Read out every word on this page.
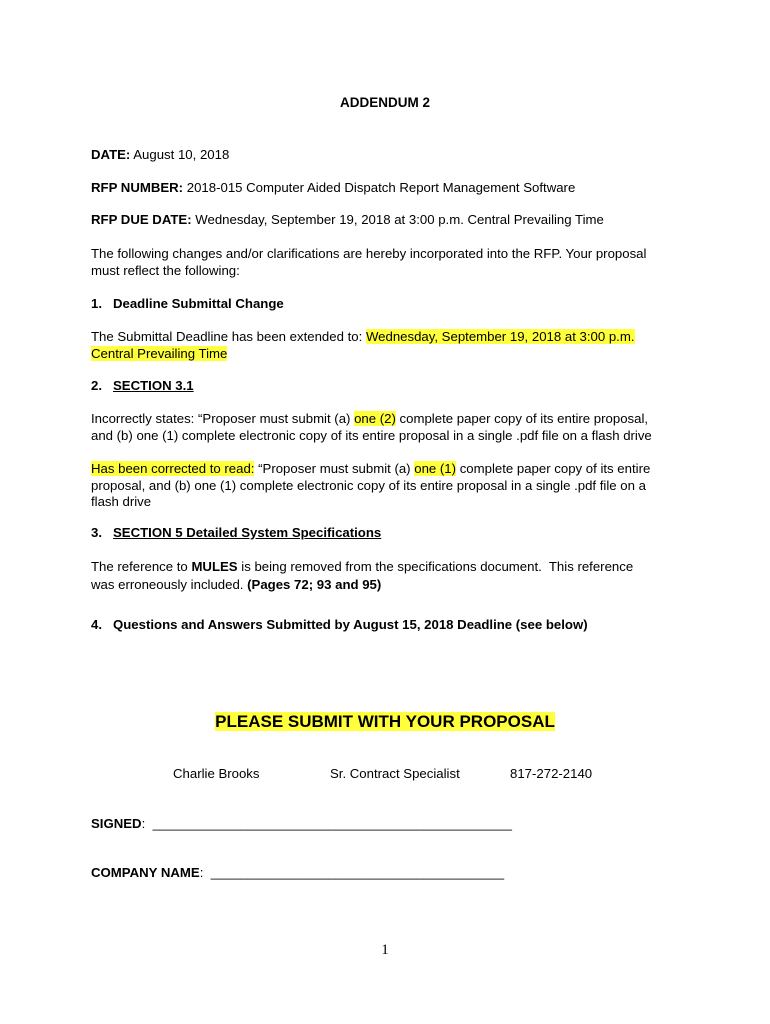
ADDENDUM 2
DATE: August 10, 2018
RFP NUMBER: 2018-015 Computer Aided Dispatch Report Management Software
RFP DUE DATE: Wednesday, September 19, 2018 at 3:00 p.m. Central Prevailing Time
The following changes and/or clarifications are hereby incorporated into the RFP. Your proposal
must reflect the following:
1.   Deadline Submittal Change
The Submittal Deadline has been extended to: Wednesday, September 19, 2018 at 3:00 p.m.
Central Prevailing Time
2. SECTION 3.1
Incorrectly states: “Proposer must submit (a) one (2) complete paper copy of its entire proposal,
and (b) one (1) complete electronic copy of its entire proposal in a single .pdf file on a flash drive
Has been corrected to read: “Proposer must submit (a) one (1) complete paper copy of its entire
proposal, and (b) one (1) complete electronic copy of its entire proposal in a single .pdf file on a
flash drive
3. SECTION 5 Detailed System Specifications
The reference to MULES is being removed from the specifications document.  This reference
was erroneously included. (Pages 72; 93 and 95)
4.   Questions and Answers Submitted by August 15, 2018 Deadline (see below)
PLEASE SUBMIT WITH YOUR PROPOSAL
Charlie Brooks	Sr. Contract Specialist	817-272-2140
SIGNED: _________________________________________________
COMPANY NAME: ________________________________________
1
